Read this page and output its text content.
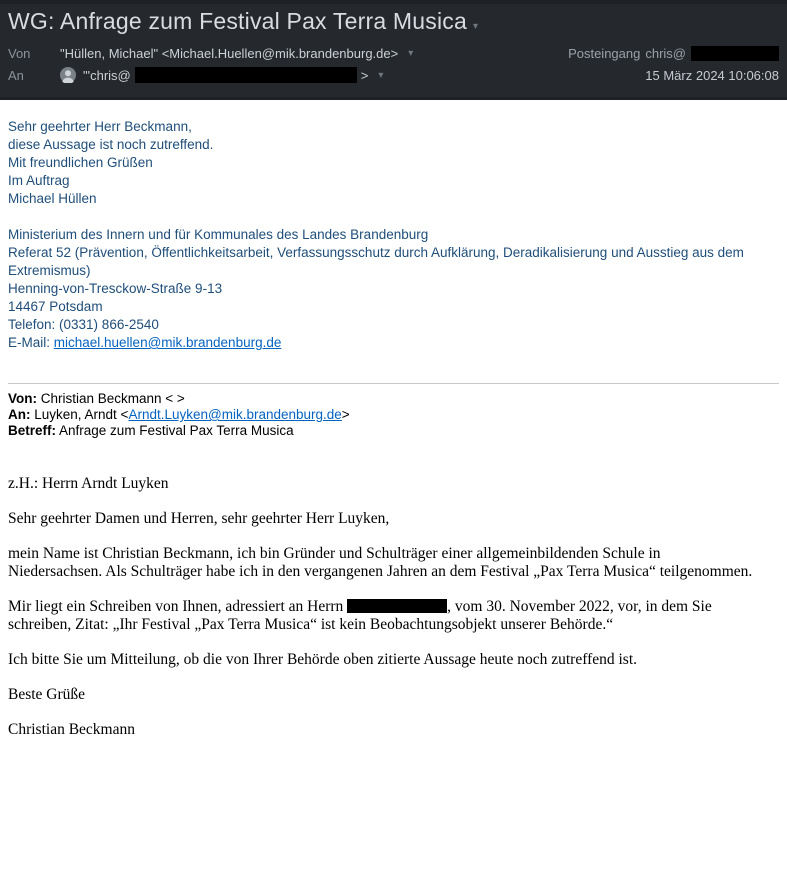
WG: Anfrage zum Festival Pax Terra Musica ▾
Von	"Hüllen, Michael" <Michael.Huellen@mik.brandenburg.de> ▾
An	"'chris@	> ▾
Posteingang chris@
15 März 2024 10:06:08

Sehr geehrter Herr Beckmann,

diese Aussage ist noch zutreffend.

Mit freundlichen Grüßen
Im Auftrag

Michael Hüllen

Ministerium des Innern und für Kommunales des Landes Brandenburg
Referat 52 (Prävention, Öffentlichkeitsarbeit, Verfassungsschutz durch Aufklärung, Deradikalisierung und Ausstieg aus dem Extremismus)
Henning-von-Tresckow-Straße 9-13
14467 Potsdam
Telefon: (0331) 866-2540
E-Mail: michael.huellen@mik.brandenburg.de
Von: Christian Beckmann < >
An: Luyken, Arndt <Arndt.Luyken@mik.brandenburg.de>
Betreff: Anfrage zum Festival Pax Terra Musica

z.H.: Herrn Arndt Luyken

Sehr geehrter Damen und Herren, sehr geehrter Herr Luyken,

mein Name ist Christian Beckmann, ich bin Gründer und Schulträger einer allgemeinbildenden Schule in Niedersachsen. Als Schulträger habe ich in den vergangenen Jahren an dem Festival „Pax Terra Musica“ teilgenommen.

Mir liegt ein Schreiben von Ihnen, adressiert an Herrn	, vom 30. November 2022, vor, in dem Sie schreiben, Zitat: „Ihr Festival „Pax Terra Musica“ ist kein Beobachtungsobjekt unserer Behörde.“

Ich bitte Sie um Mitteilung, ob die von Ihrer Behörde oben zitierte Aussage heute noch zutreffend ist.

Beste Grüße

Christian Beckmann
